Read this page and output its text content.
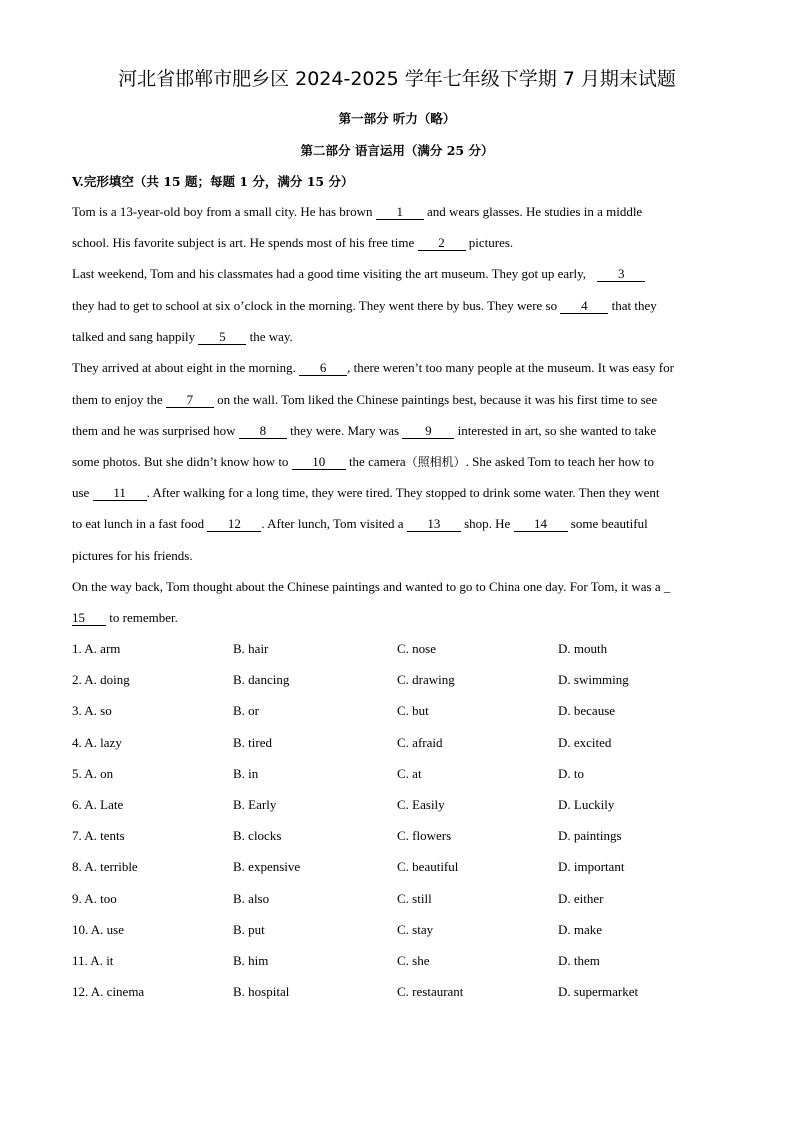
河北省邯郸市肥乡区 2024-2025 学年七年级下学期 7 月期末试题
第一部分 听力（略）
第二部分 语言运用（满分 25 分）
V.完形填空（共 15 题；每题 1 分，满分 15 分）
Tom is a 13-year-old boy from a small city. He has brown 1 and wears glasses. He studies in a middle
school. His favorite subject is art. He spends most of his free time 2 pictures.
Last weekend, Tom and his classmates had a good time visiting the art museum. They got up early, 3
they had to get to school at six o’clock in the morning. They went there by bus. They were so 4 that they
talked and sang happily 5 the way.
They arrived at about eight in the morning. 6 , there weren’t too many people at the museum. It was easy for
them to enjoy the 7 on the wall. Tom liked the Chinese paintings best, because it was his first time to see
them and he was surprised how 8 they were. Mary was 9 interested in art, so she wanted to take
some photos. But she didn’t know how to 10 the camera（照相机）. She asked Tom to teach her how to
use 11 . After walking for a long time, they were tired. They stopped to drink some water. Then they went
to eat lunch in a fast food 12 . After lunch, Tom visited a 13 shop. He 14 some beautiful
pictures for his friends.
On the way back, Tom thought about the Chinese paintings and wanted to go to China one day. For Tom, it was a _
15 to remember.
1. A. arm	B. hair	C. nose	D. mouth
2. A. doing	B. dancing	C. drawing	D. swimming
3. A. so	B. or	C. but	D. because
4. A. lazy	B. tired	C. afraid	D. excited
5. A. on	B. in	C. at	D. to
6. A. Late	B. Early	C. Easily	D. Luckily
7. A. tents	B. clocks	C. flowers	D. paintings
8. A. terrible	B. expensive	C. beautiful	D. important
9. A. too	B. also	C. still	D. either
10. A. use	B. put	C. stay	D. make
11. A. it	B. him	C. she	D. them
12. A. cinema	B. hospital	C. restaurant	D. supermarket
